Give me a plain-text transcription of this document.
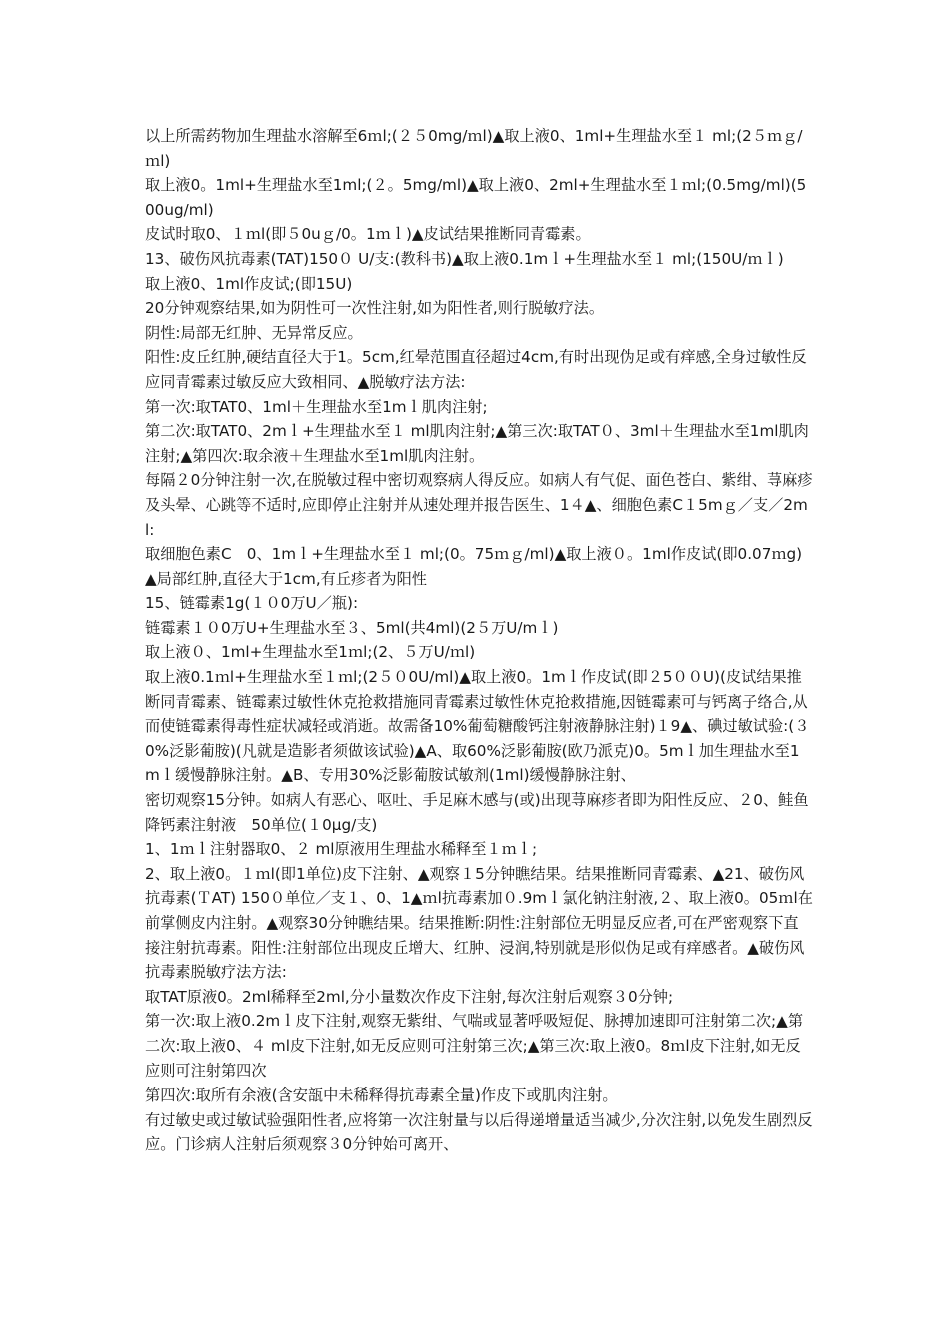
以上所需药物加生理盐水溶解至6ｍl;(２５0mg/ｍl)▲取上液0、1ml+生理盐水至１ ml;(2５ｍｇ/ｍl)

取上液0。1ml+生理盐水至1ml;(２。5mg/ml)▲取上液0、2ml+生理盐水至１ｍl;(0.5mg/ml)(500ug/ml)

皮试时取0、１ｍl(即５0uｇ/0。1ｍｌ)▲皮试结果推断同青霉素。

13、破伤风抗毒素(TAT)150０ U/支:(教科书)▲取上液0.1mｌ+生理盐水至１ ml;(150U/ｍｌ)

取上液0、1ml作皮试;(即15U)

20分钟观察结果,如为阴性可一次性注射,如为阳性者,则行脱敏疗法。

阴性:局部无红肿、无异常反应。

阳性:皮丘红肿,硬结直径大于1。5cm,红晕范围直径超过4cm,有时出现伪足或有痒感,全身过敏性反应同青霉素过敏反应大致相同、▲脱敏疗法方法:

第一次:取TAT0、1ml＋生理盐水至1mｌ肌肉注射;

第二次:取TAT0、2mｌ+生理盐水至１ ml肌肉注射;▲第三次:取TAT０、3ml＋生理盐水至1ml肌肉注射;▲第四次:取余液＋生理盐水至1ml肌肉注射。

每隔２0分钟注射一次,在脱敏过程中密切观察病人得反应。如病人有气促、面色苍白、紫绀、荨麻疹及头晕、心跳等不适时,应即停止注射并从速处理并报告医生、1４▲、细胞色素C１5mｇ／支／2ml:

取细胞色素C　0、1mｌ+生理盐水至１ ml;(0。75ｍｇ/ml)▲取上液０。1ml作皮试(即0.07ｍg)▲局部红肿,直径大于1cm,有丘疹者为阳性

15、链霉素1g(１０0万U／瓶):

链霉素１０0万U+生理盐水至３、5ml(共4ml)(2５万U/mｌ)

取上液０、1ml+生理盐水至1ｍl;(2、５万U/ｍl)

取上液0.1ｍl+生理盐水至１ｍl;(2５０0U/ml)▲取上液0。1mｌ作皮试(即２5００U)(皮试结果推断同青霉素、链霉素过敏性休克抢救措施同青霉素过敏性休克抢救措施,因链霉素可与钙离子络合,从而使链霉素得毒性症状减轻或消逝。故需备10%葡萄糖酸钙注射液静脉注射)１9▲、碘过敏试验:(３0%泛影葡胺)(凡就是造影者须做该试验)▲A、取60%泛影葡胺(欧乃派克)0。5mｌ加生理盐水至1mｌ缓慢静脉注射。▲B、专用30%泛影葡胺试敏剂(1ml)缓慢静脉注射、

密切观察15分钟。如病人有恶心、呕吐、手足麻木感与(或)出现荨麻疹者即为阳性反应、２0、鲑鱼降钙素注射液　50单位(１0μg/支)

1、1ｍｌ注射器取0、２ ml原液用生理盐水稀释至１ｍｌ;

2、取上液0。１ｍl(即1单位)皮下注射、▲观察１5分钟瞧结果。结果推断同青霉素、▲21、破伤风抗毒素(ＴAT) 150０单位／支１、0、1▲ｍl抗毒素加０.9mｌ氯化钠注射液,２、取上液0。05ｍl在前掌侧皮内注射。▲观察30分钟瞧结果。结果推断:阴性:注射部位无明显反应者,可在严密观察下直接注射抗毒素。阳性:注射部位出现皮丘增大、红肿、浸润,特别就是形似伪足或有痒感者。▲破伤风抗毒素脱敏疗法方法:

取TAT原液0。2ml稀释至2ml,分小量数次作皮下注射,每次注射后观察３0分钟;

第一次:取上液0.2mｌ皮下注射,观察无紫绀、气喘或显著呼吸短促、脉搏加速即可注射第二次;▲第二次:取上液0、４ ml皮下注射,如无反应则可注射第三次;▲第三次:取上液0。8ｍl皮下注射,如无反应则可注射第四次

第四次:取所有余液(含安瓿中未稀释得抗毒素全量)作皮下或肌肉注射。

有过敏史或过敏试验强阳性者,应将第一次注射量与以后得递增量适当减少,分次注射,以免发生剧烈反应。门诊病人注射后须观察３0分钟始可离开、
